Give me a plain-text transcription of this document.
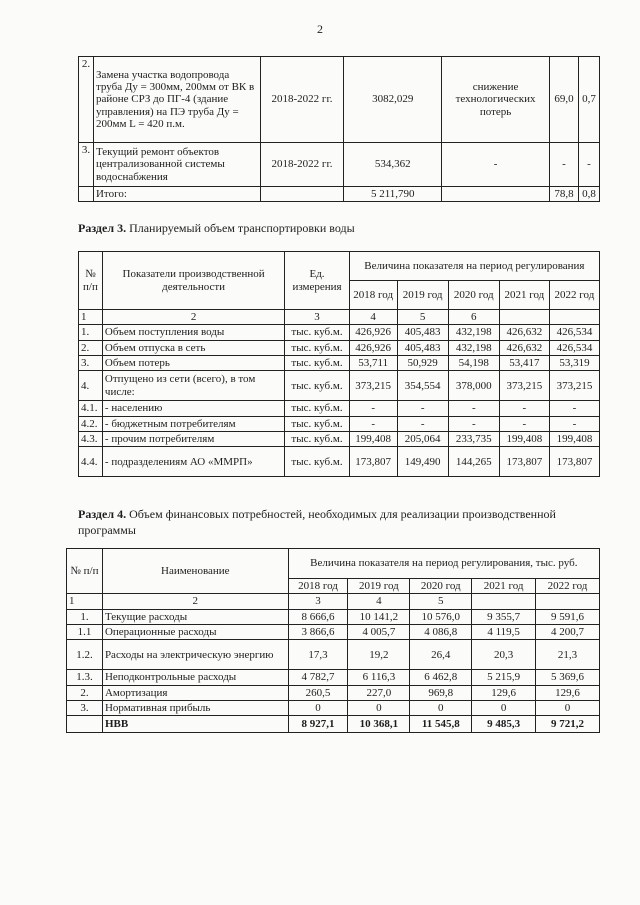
2
2.	Замена участка водопровода труба Ду = 300мм, 200мм от ВК в районе СРЗ до ПГ-4 (здание управления) на ПЭ труба Ду = 200мм L = 420 п.м.	2018-2022 гг.	3082,029	снижение технологических потерь	69,0	0,7
3.	Текущий ремонт объектов централизованной системы водоснабжения	2018-2022 гг.	534,362	-	-	-
	Итого:		5 211,790		78,8	0,8
Раздел 3. Планируемый объем транспортировки воды
№ п/п	Показатели производственной деятельности	Ед. измерения	Величина показателя на период регулирования				
			2018 год	2019 год	2020 год	2021 год	2022 год
1	2	3	4	5	6		
1.	Объем поступления воды	тыс. куб.м.	426,926	405,483	432,198	426,632	426,534
2.	Объем отпуска в сеть	тыс. куб.м.	426,926	405,483	432,198	426,632	426,534
3.	Объем потерь	тыс. куб.м.	53,711	50,929	54,198	53,417	53,319
4.	Отпущено из сети (всего), в том числе:	тыс. куб.м.	373,215	354,554	378,000	373,215	373,215
4.1.	- населению	тыс. куб.м.	-	-	-	-	-
4.2.	- бюджетным потребителям	тыс. куб.м.	-	-	-	-	-
4.3.	- прочим потребителям	тыс. куб.м.	199,408	205,064	233,735	199,408	199,408
4.4.	- подразделениям АО «ММРП»	тыс. куб.м.	173,807	149,490	144,265	173,807	173,807
Раздел 4. Объем финансовых потребностей, необходимых для реализации производственной программы
№ п/п	Наименование	Величина показателя на период регулирования, тыс. руб.				
		2018 год	2019 год	2020 год	2021 год	2022 год
1	2	3	4	5		
1.	Текущие расходы	8 666,6	10 141,2	10 576,0	9 355,7	9 591,6
1.1	Операционные расходы	3 866,6	4 005,7	4 086,8	4 119,5	4 200,7
1.2.	Расходы на электрическую энергию	17,3	19,2	26,4	20,3	21,3
1.3.	Неподконтрольные расходы	4 782,7	6 116,3	6 462,8	5 215,9	5 369,6
2.	Амортизация	260,5	227,0	969,8	129,6	129,6
3.	Нормативная прибыль	0	0	0	0	0
	НВВ	8 927,1	10 368,1	11 545,8	9 485,3	9 721,2
